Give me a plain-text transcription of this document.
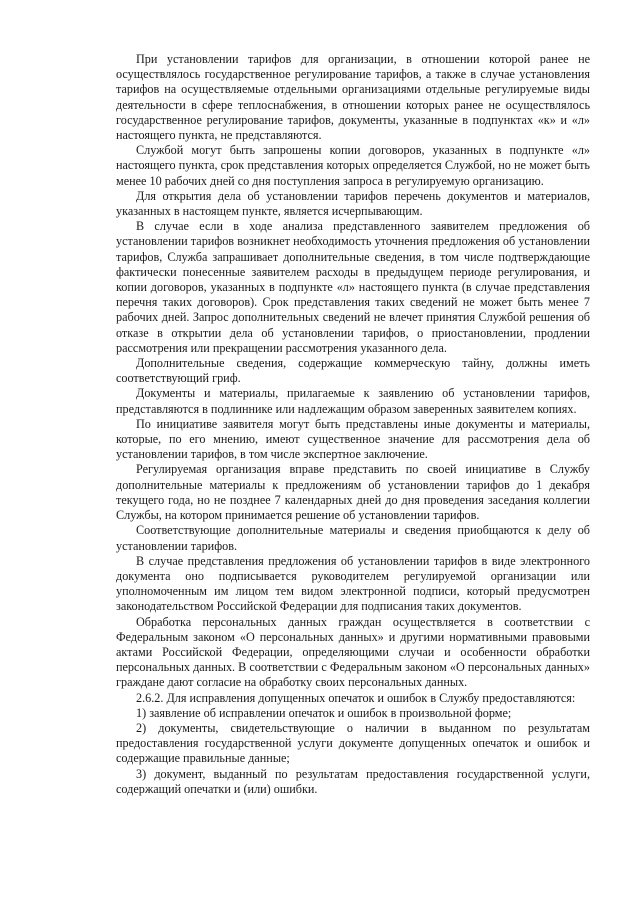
При установлении тарифов для организации, в отношении которой ранее не осуществлялось государственное регулирование тарифов, а также в случае установления тарифов на осуществляемые отдельными организациями отдельные регулируемые виды деятельности в сфере теплоснабжения, в отношении которых ранее не осуществлялось государственное регулирование тарифов, документы, указанные в подпунктах «к» и «л» настоящего пункта, не представляются.

Службой могут быть запрошены копии договоров, указанных в подпункте «л» настоящего пункта, срок представления которых определяется Службой, но не может быть менее 10 рабочих дней со дня поступления запроса в регулируемую организацию.

Для открытия дела об установлении тарифов перечень документов и материалов, указанных в настоящем пункте, является исчерпывающим.

В случае если в ходе анализа представленного заявителем предложения об установлении тарифов возникнет необходимость уточнения предложения об установлении тарифов, Служба запрашивает дополнительные сведения, в том числе подтверждающие фактически понесенные заявителем расходы в предыдущем периоде регулирования, и копии договоров, указанных в подпункте «л» настоящего пункта (в случае представления перечня таких договоров). Срок представления таких сведений не может быть менее 7 рабочих дней. Запрос дополнительных сведений не влечет принятия Службой решения об отказе в открытии дела об установлении тарифов, о приостановлении, продлении рассмотрения или прекращении рассмотрения указанного дела.

Дополнительные сведения, содержащие коммерческую тайну, должны иметь соответствующий гриф.

Документы и материалы, прилагаемые к заявлению об установлении тарифов, представляются в подлиннике или надлежащим образом заверенных заявителем копиях.

По инициативе заявителя могут быть представлены иные документы и материалы, которые, по его мнению, имеют существенное значение для рассмотрения дела об установлении тарифов, в том числе экспертное заключение.

Регулируемая организация вправе представить по своей инициативе в Службу дополнительные материалы к предложениям об установлении тарифов до 1 декабря текущего года, но не позднее 7 календарных дней до дня проведения заседания коллегии Службы, на котором принимается решение об установлении тарифов.

Соответствующие дополнительные материалы и сведения приобщаются к делу об установлении тарифов.

В случае представления предложения об установлении тарифов в виде электронного документа оно подписывается руководителем регулируемой организации или уполномоченным им лицом тем видом электронной подписи, который предусмотрен законодательством Российской Федерации для подписания таких документов.

Обработка персональных данных граждан осуществляется в соответствии с Федеральным законом «О персональных данных» и другими нормативными правовыми актами Российской Федерации, определяющими случаи и особенности обработки персональных данных. В соответствии с Федеральным законом «О персональных данных» граждане дают согласие на обработку своих персональных данных.

2.6.2. Для исправления допущенных опечаток и ошибок в Службу предоставляются:

1) заявление об исправлении опечаток и ошибок в произвольной форме;

2) документы, свидетельствующие о наличии в выданном по результатам предоставления государственной услуги документе допущенных опечаток и ошибок и содержащие правильные данные;

3) документ, выданный по результатам предоставления государственной услуги, содержащий опечатки и (или) ошибки.
